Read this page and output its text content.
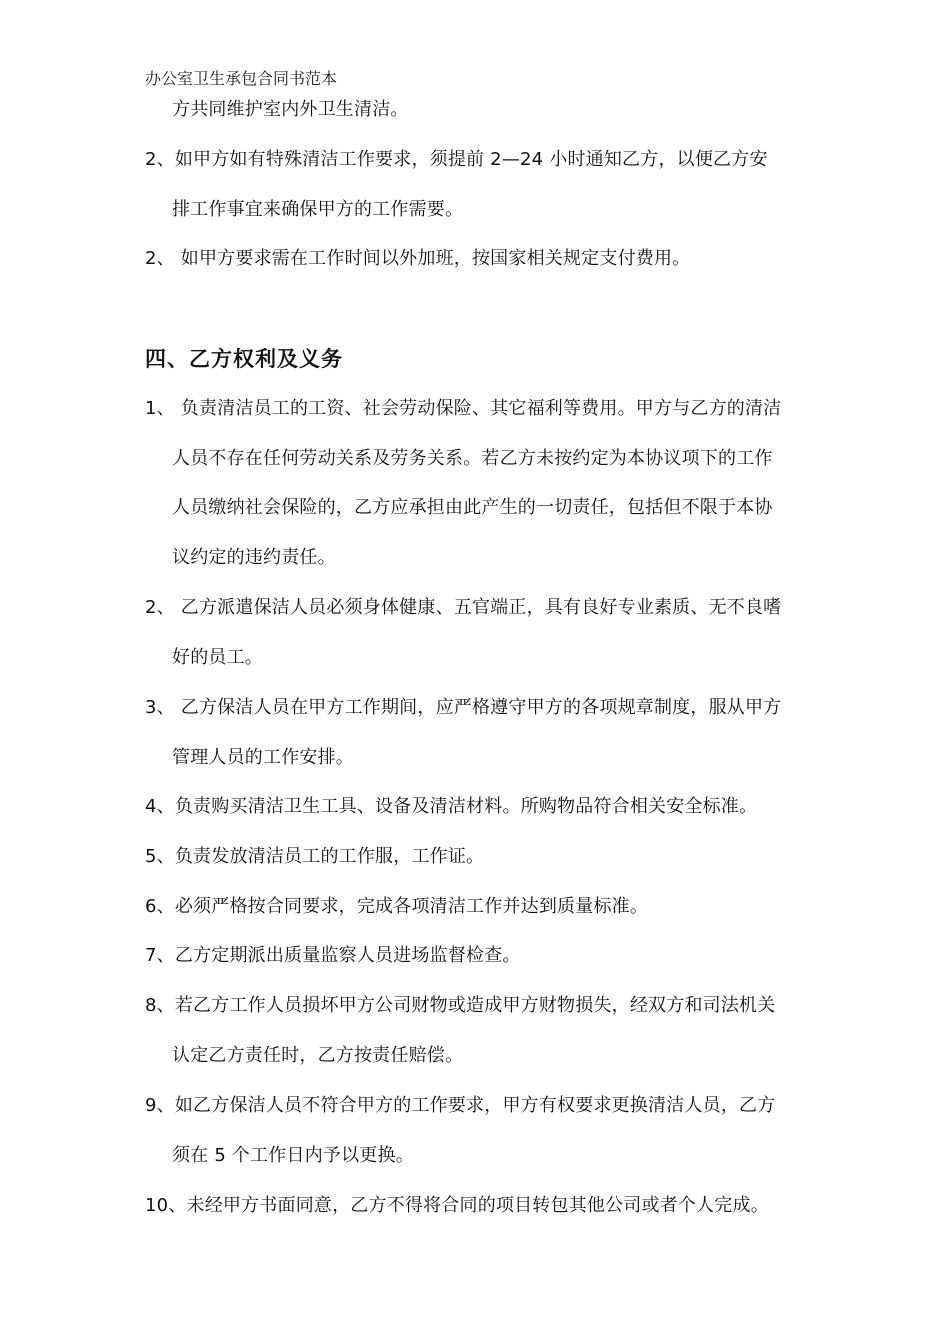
办公室卫生承包合同书范本
方共同维护室内外卫生清洁。
2、如甲方如有特殊清洁工作要求，须提前 2—24 小时通知乙方，以便乙方安
排工作事宜来确保甲方的工作需要。
2、 如甲方要求需在工作时间以外加班，按国家相关规定支付费用。
四、乙方权利及义务
1、 负责清洁员工的工资、社会劳动保险、其它福利等费用。甲方与乙方的清洁
人员不存在任何劳动关系及劳务关系。若乙方未按约定为本协议项下的工作
人员缴纳社会保险的，乙方应承担由此产生的一切责任，包括但不限于本协
议约定的违约责任。
2、 乙方派遣保洁人员必须身体健康、五官端正，具有良好专业素质、无不良嗜
好的员工。
3、 乙方保洁人员在甲方工作期间，应严格遵守甲方的各项规章制度，服从甲方
管理人员的工作安排。
4、负责购买清洁卫生工具、设备及清洁材料。所购物品符合相关安全标准。
5、负责发放清洁员工的工作服，工作证。
6、必须严格按合同要求，完成各项清洁工作并达到质量标准。
7、乙方定期派出质量监察人员进场监督检查。
8、若乙方工作人员损坏甲方公司财物或造成甲方财物损失，经双方和司法机关
认定乙方责任时，乙方按责任赔偿。
9、如乙方保洁人员不符合甲方的工作要求，甲方有权要求更换清洁人员，乙方
须在 5 个工作日内予以更换。
10、未经甲方书面同意，乙方不得将合同的项目转包其他公司或者个人完成。
